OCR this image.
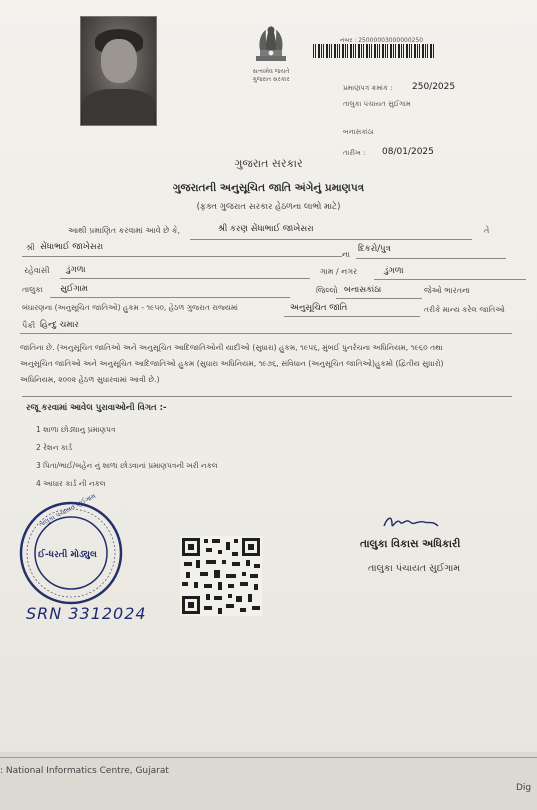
સત્યમેવ જયતે
ગુજરાત સરકાર
નંબર : 25000003000000250
પ્રમાણપત્ર ક્રમાંક : 250/2025
તાલુકા પંચાયત સુઈગામ
બનાસકાંઠા
તારીખ : 08/01/2025
ગુજરાત સરકાર
ગુજરાતની અનુસૂચિત જાતિ અંગેનું પ્રમાણપત્ર
(ફક્ત ગુજરાત સરકાર હેઠળના લાભો માટે)
આથી પ્રમાણિત કરવામાં આવે છે કે,	શ્રી કરણ સેંધાભાઈ જાખેસરા	તે
શ્રી સેંધાભાઈ જાખેસરા
ના
દિકરો/પુત્ર
રહેવાસી ડુંગળા	ગામ / નગર	ડુંગળા
તાલુકા સુઈગામ	જિલ્લો બનાસકાંઠા	જેઓ ભારતના
બંધારણના (અનુસૂચિત જાતિઓ) હુકમ - ૧૯૫૦, હેઠળ ગુજરાત રાજ્યમાં	અનુસૂચિત જાતિ	તરીકે માન્ય કરેલ જાતિઓ
પૈકી હિન્દુ ચમાર
જાતિના છે. (અનુસૂચિત જાતિઓ અને અનુસૂચિત આદિજાતિઓની યાદીઓ (સુધારા) હુકમ, ૧૯૫૬, મુંબઈ પુનર્રચના અધિનિયમ, ૧૯૬૦ તથા
અનુસૂચિત જાતિઓ અને અનુસૂચિત આદિજાતિઓ હુકમ (સુધારા અધિનિયમ, ૧૯૭૬, સંવિધાન (અનુસૂચિત જાતિઓ)હુકમો (દ્વિતીય સુધારો)
અધિનિયમ, ૨૦૦૨ હેઠળ સુધારવામાં આવી છે.)
રજૂ કરવામાં આવેલ પુરાવાઓની વિગત :-
1 શાળા છોડ્યાનુ પ્રમાણપત્ર
2 રેશન કાર્ડ
3 પિતા/ભાઈ/બહેન નું શાળા છોડવાનાં પ્રમાણપત્રની ખરી નકલ
4 આધાર કાર્ડ ની નકલ
તાલુકા પંચાયત સુઈગામ
ઈ-ધરતી મોડ્યુલ
તાલુકા વિકાસ અધિકારી
તાલુકા પંચાયત સુઈગામ
SRN 3312024
: National Informatics Centre, Gujarat
Dig
